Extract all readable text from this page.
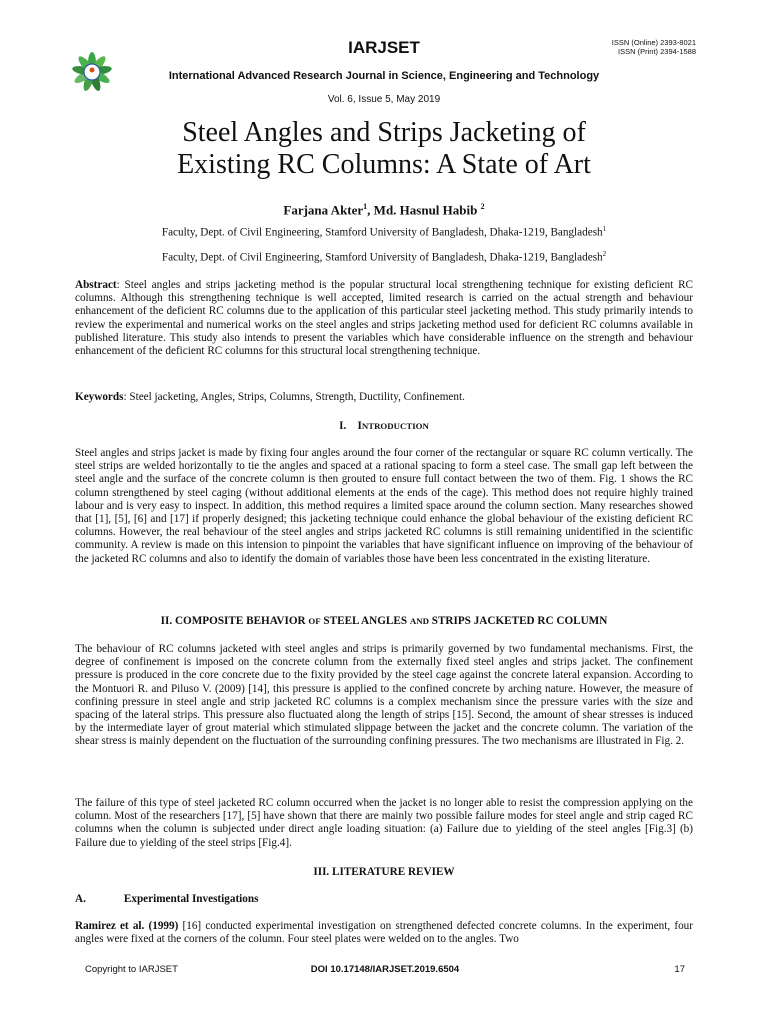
IARJSET	ISSN (Online) 2393-8021
ISSN (Print) 2394-1588
International Advanced Research Journal in Science, Engineering and Technology
Vol. 6, Issue 5, May 2019
Steel Angles and Strips Jacketing of
Existing RC Columns: A State of Art
Farjana Akter$^1$, Md. Hasnul Habib $^2$
Faculty, Dept. of Civil Engineering, Stamford University of Bangladesh, Dhaka-1219, Bangladesh$^1$
Faculty, Dept. of Civil Engineering, Stamford University of Bangladesh, Dhaka-1219, Bangladesh$^2$
Abstract: Steel angles and strips jacketing method is the popular structural local strengthening technique for existing deficient RC columns. Although this strengthening technique is well accepted, limited research is carried on the actual strength and behaviour enhancement of the deficient RC columns due to the application of this particular steel jacketing method. This study primarily intends to review the experimental and numerical works on the steel angles and strips jacketing method used for deficient RC columns available in published literature. This study also intends to present the variables which have considerable influence on the strength and behaviour enhancement of the deficient RC columns for this structural local strengthening technique.
Keywords: Steel jacketing, Angles, Strips, Columns, Strength, Ductility, Confinement.
I. INTRODUCTION
Steel angles and strips jacket is made by fixing four angles around the four corner of the rectangular or square RC column vertically. The steel strips are welded horizontally to tie the angles and spaced at a rational spacing to form a steel case. The small gap left between the steel angle and the surface of the concrete column is then grouted to ensure full contact between the two of them. Fig. 1 shows the RC column strengthened by steel caging (without additional elements at the ends of the cage). This method does not require highly trained labour and is very easy to inspect. In addition, this method requires a limited space around the column section. Many researches showed that [1], [5], [6] and [17] if properly designed; this jacketing technique could enhance the global behaviour of the existing deficient RC columns. However, the real behaviour of the steel angles and strips jacketed RC columns is still remaining unidentified in the scientific community. A review is made on this intension to pinpoint the variables that have significant influence on improving of the behaviour of the jacketed RC columns and also to identify the domain of variables those have been less concentrated in the existing literature.
II. COMPOSITE BEHAVIOR OF STEEL ANGLES AND STRIPS JACKETED RC COLUMN
The behaviour of RC columns jacketed with steel angles and strips is primarily governed by two fundamental mechanisms. First, the degree of confinement is imposed on the concrete column from the externally fixed steel angles and strips jacket. The confinement pressure is produced in the core concrete due to the fixity provided by the steel cage against the concrete lateral expansion. According to the Montuori R. and Piluso V. (2009) [14], this pressure is applied to the confined concrete by arching nature. However, the measure of confining pressure in steel angle and strip jacketed RC columns is a complex mechanism since the pressure varies with the size and spacing of the lateral strips. This pressure also fluctuated along the length of strips [15]. Second, the amount of shear stresses is induced by the intermediate layer of grout material which stimulated slippage between the jacket and the concrete column. The variation of the shear stress is mainly dependent on the fluctuation of the surrounding confining pressures. The two mechanisms are illustrated in Fig. 2.
The failure of this type of steel jacketed RC column occurred when the jacket is no longer able to resist the compression applying on the column. Most of the researchers [17], [5] have shown that there are mainly two possible failure modes for steel angle and strip caged RC columns when the column is subjected under direct angle loading situation: (a) Failure due to yielding of the steel angles [Fig.3] (b) Failure due to yielding of the steel strips [Fig.4].
III. LITERATURE REVIEW
A.	Experimental Investigations
Ramirez et al. (1999) [16] conducted experimental investigation on strengthened defected concrete columns. In the experiment, four angles were fixed at the corners of the column. Four steel plates were welded on to the angles. Two
Copyright to IARJSET	DOI 10.17148/IARJSET.2019.6504	17
